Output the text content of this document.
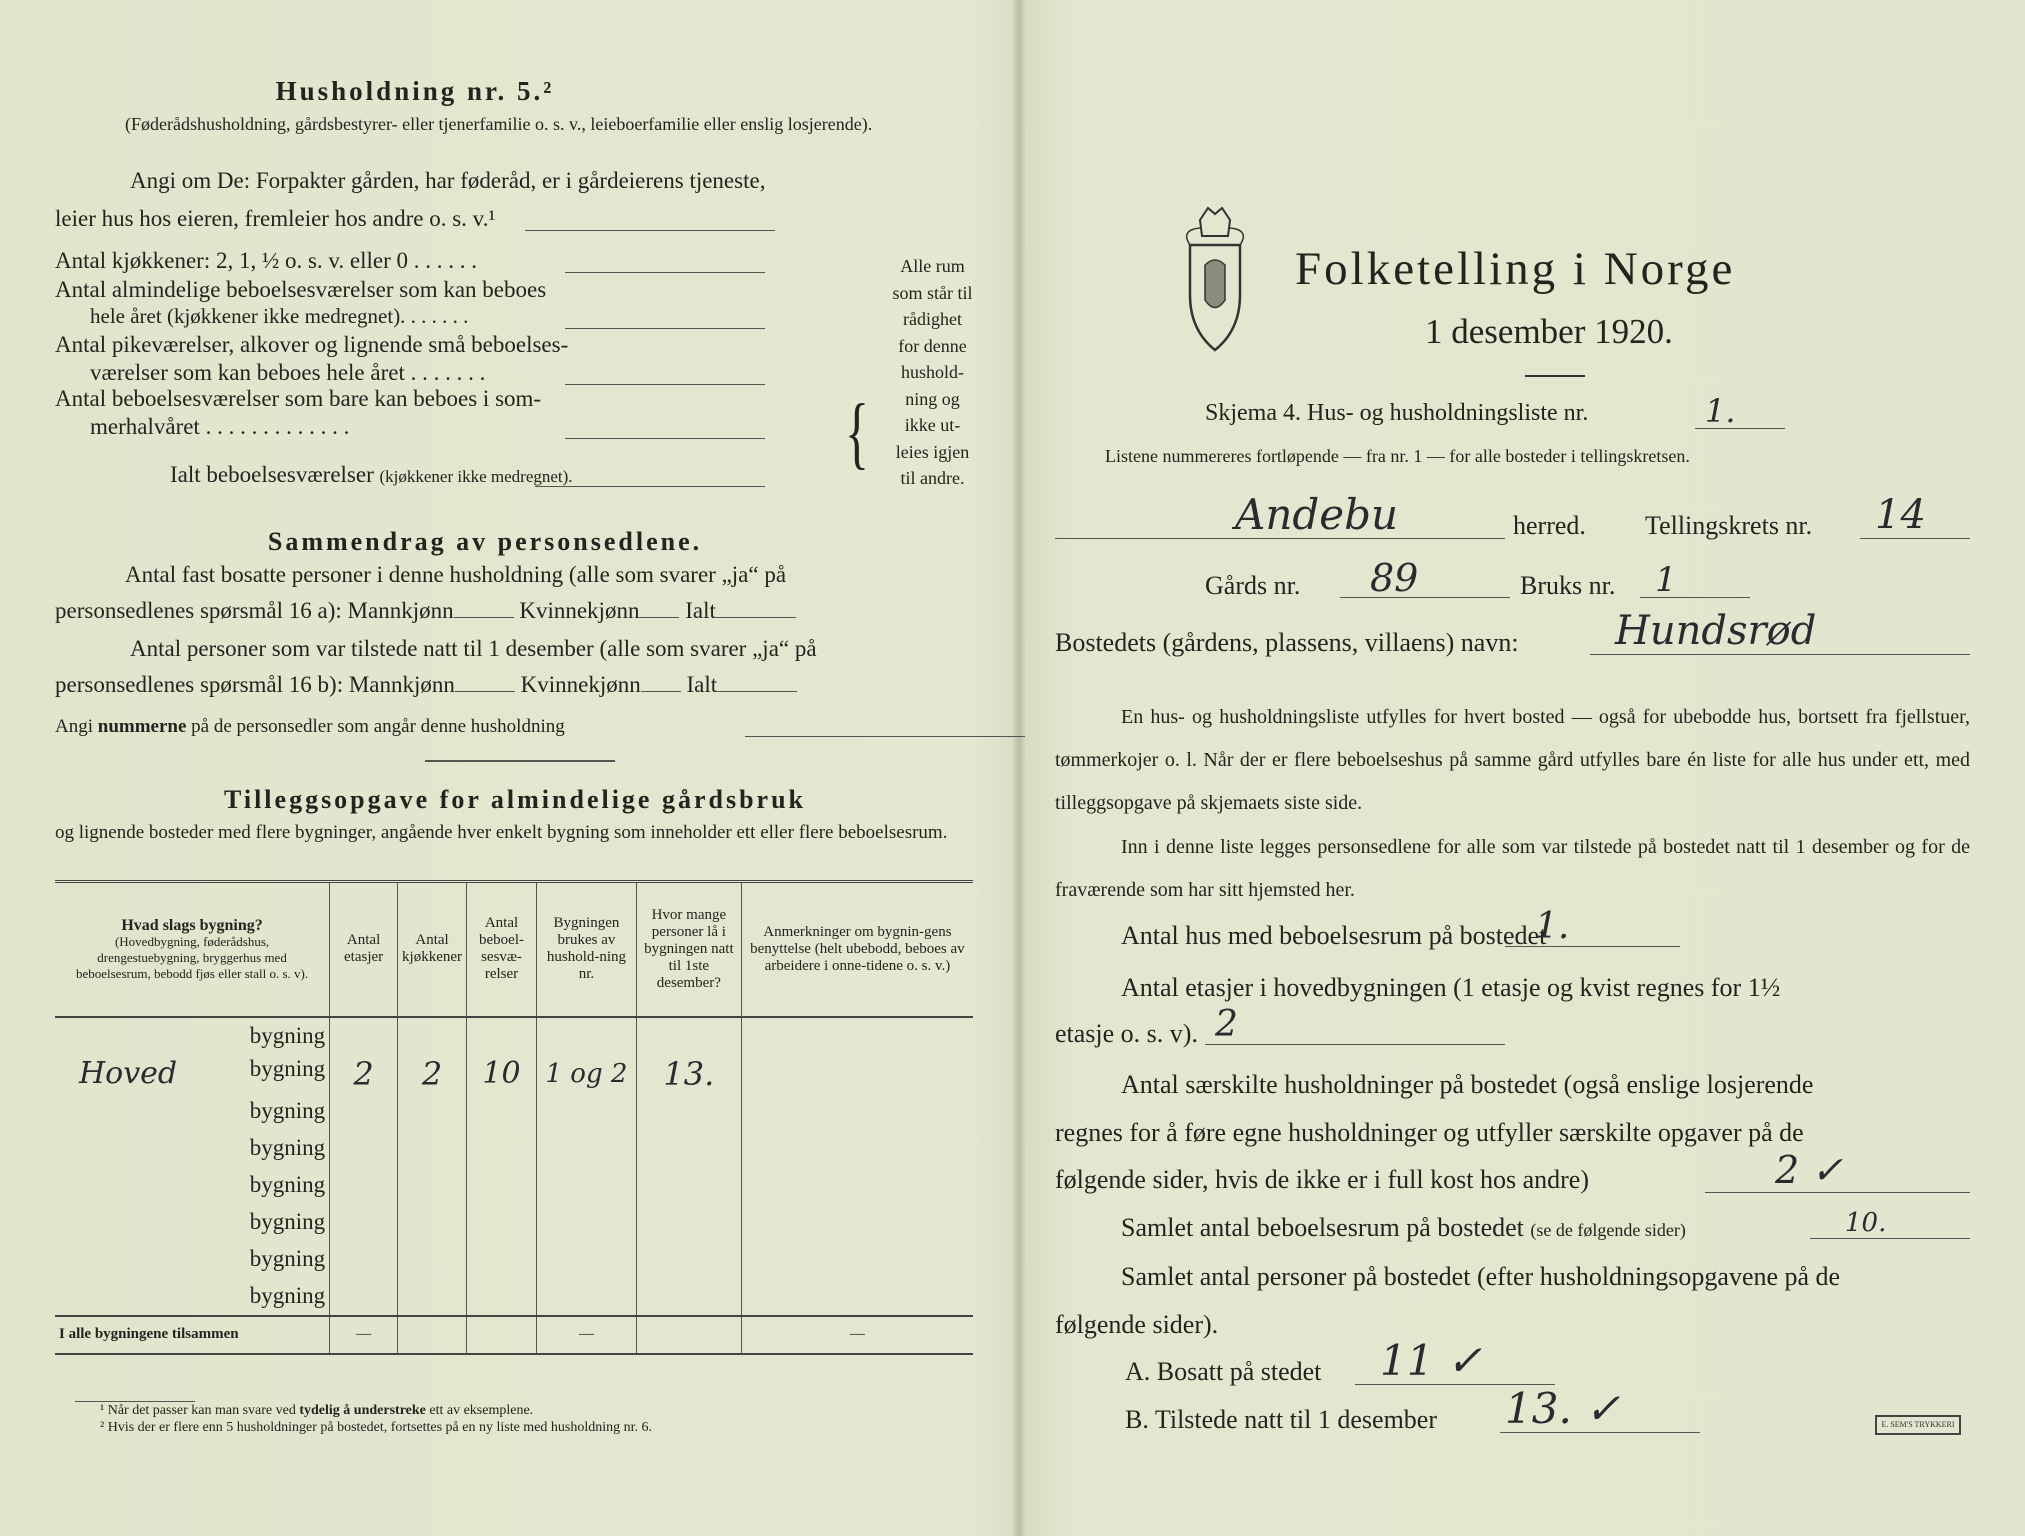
Husholdning nr. 5.²
(Føderådshusholdning, gårdsbestyrer- eller tjenerfamilie o. s. v., leieboerfamilie eller enslig losjerende).
Angi om De: Forpakter gården, har føderåd, er i gårdeierens tjeneste,
leier hus hos eieren, fremleier hos andre o. s. v.¹
Antal kjøkkener: 2, 1, ½ o. s. v. eller 0 . . . . . .
Antal almindelige beboelsesværelser som kan beboes
hele året (kjøkkener ikke medregnet). . . . . . .
Antal pikeværelser, alkover og lignende små beboelses-
værelser som kan beboes hele året . . . . . . .
Antal beboelsesværelser som bare kan beboes i som-
merhalvåret . . . . . . . . . . . . .
Ialt beboelsesværelser (kjøkkener ikke medregnet).	{
Alle rum
som står til
rådighet
for denne
hushold-
ning og
ikke ut-
leies igjen
til andre.
Sammendrag av personsedlene.
Antal fast bosatte personer i denne husholdning (alle som svarer „ja“ på
personsedlenes spørsmål 16 a): Mannkjønn	Kvinnekjønn Ialt
Antal personer som var tilstede natt til 1 desember (alle som svarer „ja“ på
personsedlenes spørsmål 16 b): Mannkjønn	Kvinnekjønn Ialt
Angi nummerne på de personsedler som angår denne husholdning
Tilleggsopgave for almindelige gårdsbruk
og lignende bosteder med flere bygninger, angående hver enkelt bygning som inneholder ett eller flere beboelsesrum.
Hvad slags bygning?
(Hovedbygning, føderådshus, drengestuebygning, bryggerhus med beboelsesrum, bebodd fjøs eller stall o. s. v).	Antal etasjer	Antal kjøkkener	Antal beboel-sesvæ-relser	Bygningen brukes av hushold-ning nr.	Hvor mange personer lå i bygningen natt til 1ste desember?	Anmerkninger om bygnin-gens benyttelse (helt ubebodd, beboes av arbeidere i onne-tidene o. s. v.)

bygning						

Hoved bygning	2	2	10	1 og 2	13.	

bygning						

bygning						

bygning						

bygning						

bygning						

bygning						
I alle bygningene tilsammen	—			—		—
¹ Når det passer kan man svare ved tydelig å understreke ett av eksemplene.
² Hvis der er flere enn 5 husholdninger på bostedet, fortsettes på en ny liste med husholdning nr. 6.
Folketelling i Norge
1 desember 1920.
Skjema 4. Hus- og husholdningsliste nr.	1.
Listene nummereres fortløpende — fra nr. 1 — for alle bosteder i tellingskretsen.
Andebu	herred. Tellingskrets nr. 14
Gårds nr. 89	Bruks nr. 1
Bostedets (gårdens, plassens, villaens) navn: Hundsrød
En hus- og husholdningsliste utfylles for hvert bosted — også for ubebodde hus, bortsett fra fjellstuer, tømmerkojer o. l. Når der er flere beboelseshus på samme gård utfylles bare én liste for alle hus under ett, med tilleggsopgave på skjemaets siste side.
Inn i denne liste legges personsedlene for alle som var tilstede på bostedet natt til 1 desember og for de fraværende som har sitt hjemsted her.
Antal hus med beboelsesrum på bostedet
1.
Antal etasjer i hovedbygningen (1 etasje og kvist regnes for 1½
etasje o. s. v). 2
Antal særskilte husholdninger på bostedet (også enslige losjerende
regnes for å føre egne husholdninger og utfyller særskilte opgaver på de
følgende sider, hvis de ikke er i full kost hos andre)	2 ✓
Samlet antal beboelsesrum på bostedet (se de følgende sider)	10.
Samlet antal personer på bostedet (efter husholdningsopgavene på de
følgende sider).
A. Bosatt på stedet 11 ✓
B. Tilstede natt til 1 desember 13. ✓	E. SEM'S TRYKKERI
